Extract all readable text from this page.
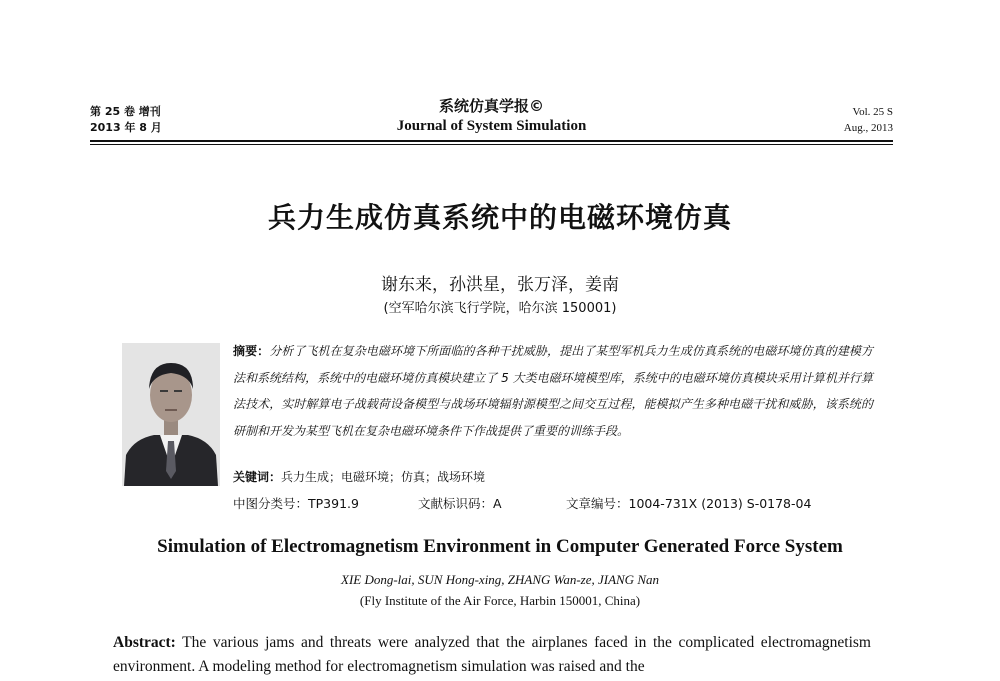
第 25 卷 增刊
2013 年 8 月
系统仿真学报©
Journal of System Simulation
Vol. 25 S
Aug., 2013
兵力生成仿真系统中的电磁环境仿真
谢东来，孙洪星，张万泽，姜南
(空军哈尔滨飞行学院，哈尔滨 150001)
摘要：分析了飞机在复杂电磁环境下所面临的各种干扰威胁，提出了某型军机兵力生成仿真系统的电磁环境仿真的建模方法和系统结构，系统中的电磁环境仿真模块建立了 5 大类电磁环境模型库，系统中的电磁环境仿真模块采用计算机并行算法技术，实时解算电子战载荷设备模型与战场环境辐射源模型之间交互过程，能模拟产生多种电磁干扰和威胁，该系统的研制和开发为某型飞机在复杂电磁环境条件下作战提供了重要的训练手段。
关键词：兵力生成；电磁环境；仿真；战场环境
中图分类号：TP391.9	文献标识码：A	文章编号：1004-731X (2013) S-0178-04
Simulation of Electromagnetism Environment in Computer Generated Force System
XIE Dong-lai, SUN Hong-xing, ZHANG Wan-ze, JIANG Nan
(Fly Institute of the Air Force, Harbin 150001, China)
Abstract: The various jams and threats were analyzed that the airplanes faced in the complicated electromagnetism environment. A modeling method for electromagnetism simulation was raised and the
